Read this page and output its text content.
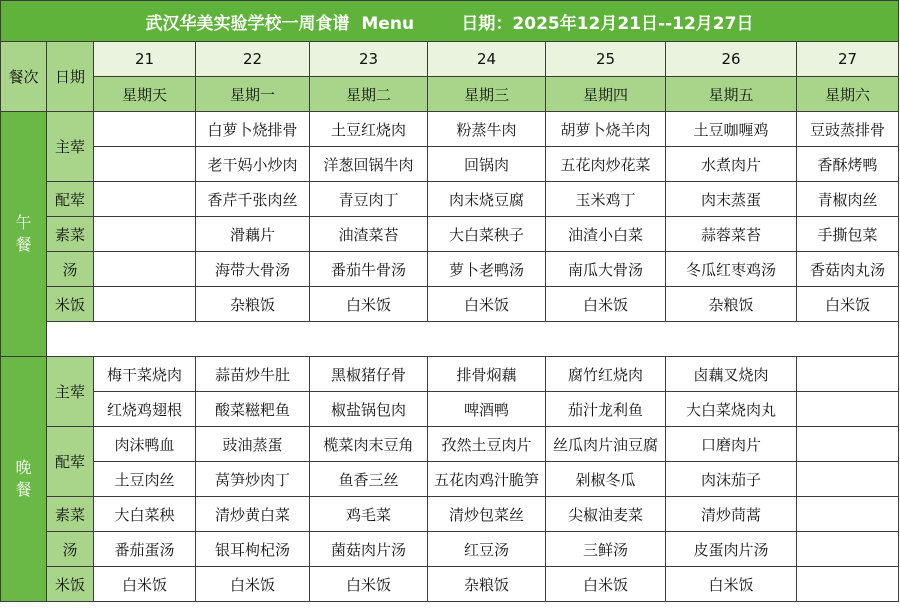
武汉华美实验学校一周食谱 Menu 日期：2025年12月21日--12月27日								
餐次	日期	21	22	23	24	25	26	27
		星期天	星期一	星期二	星期三	星期四	星期五	星期六

午
餐	主荤		白萝卜烧排骨	土豆红烧肉	粉蒸牛肉	胡萝卜烧羊肉	土豆咖喱鸡	豆豉蒸排骨
			老干妈小炒肉	洋葱回锅牛肉	回锅肉	五花肉炒花菜	水煮肉片	香酥烤鸭
	配荤		香芹千张肉丝	青豆肉丁	肉末烧豆腐	玉米鸡丁	肉末蒸蛋	青椒肉丝
	素菜		滑藕片	油渣菜苔	大白菜秧子	油渣小白菜	蒜蓉菜苔	手撕包菜
	汤		海带大骨汤	番茄牛骨汤	萝卜老鸭汤	南瓜大骨汤	冬瓜红枣鸡汤	香菇肉丸汤
	米饭		杂粮饭	白米饭	白米饭	白米饭	杂粮饭	白米饭

晚
餐	主荤	梅干菜烧肉	蒜苗炒牛肚	黑椒猪仔骨	排骨焖藕	腐竹红烧肉	卤藕叉烧肉	
		红烧鸡翅根	酸菜糍粑鱼	椒盐锅包肉	啤酒鸭	茄汁龙利鱼	大白菜烧肉丸	
	配荤	肉沫鸭血	豉油蒸蛋	榄菜肉末豆角	孜然土豆肉片	丝瓜肉片油豆腐	口磨肉片	
		土豆肉丝	莴笋炒肉丁	鱼香三丝	五花肉鸡汁脆笋	剁椒冬瓜	肉沫茄子	
	素菜	大白菜秧	清炒黄白菜	鸡毛菜	清炒包菜丝	尖椒油麦菜	清炒茼蒿	
	汤	番茄蛋汤	银耳枸杞汤	菌菇肉片汤	红豆汤	三鲜汤	皮蛋肉片汤	
	米饭	白米饭	白米饭	白米饭	杂粮饭	白米饭	白米饭	
